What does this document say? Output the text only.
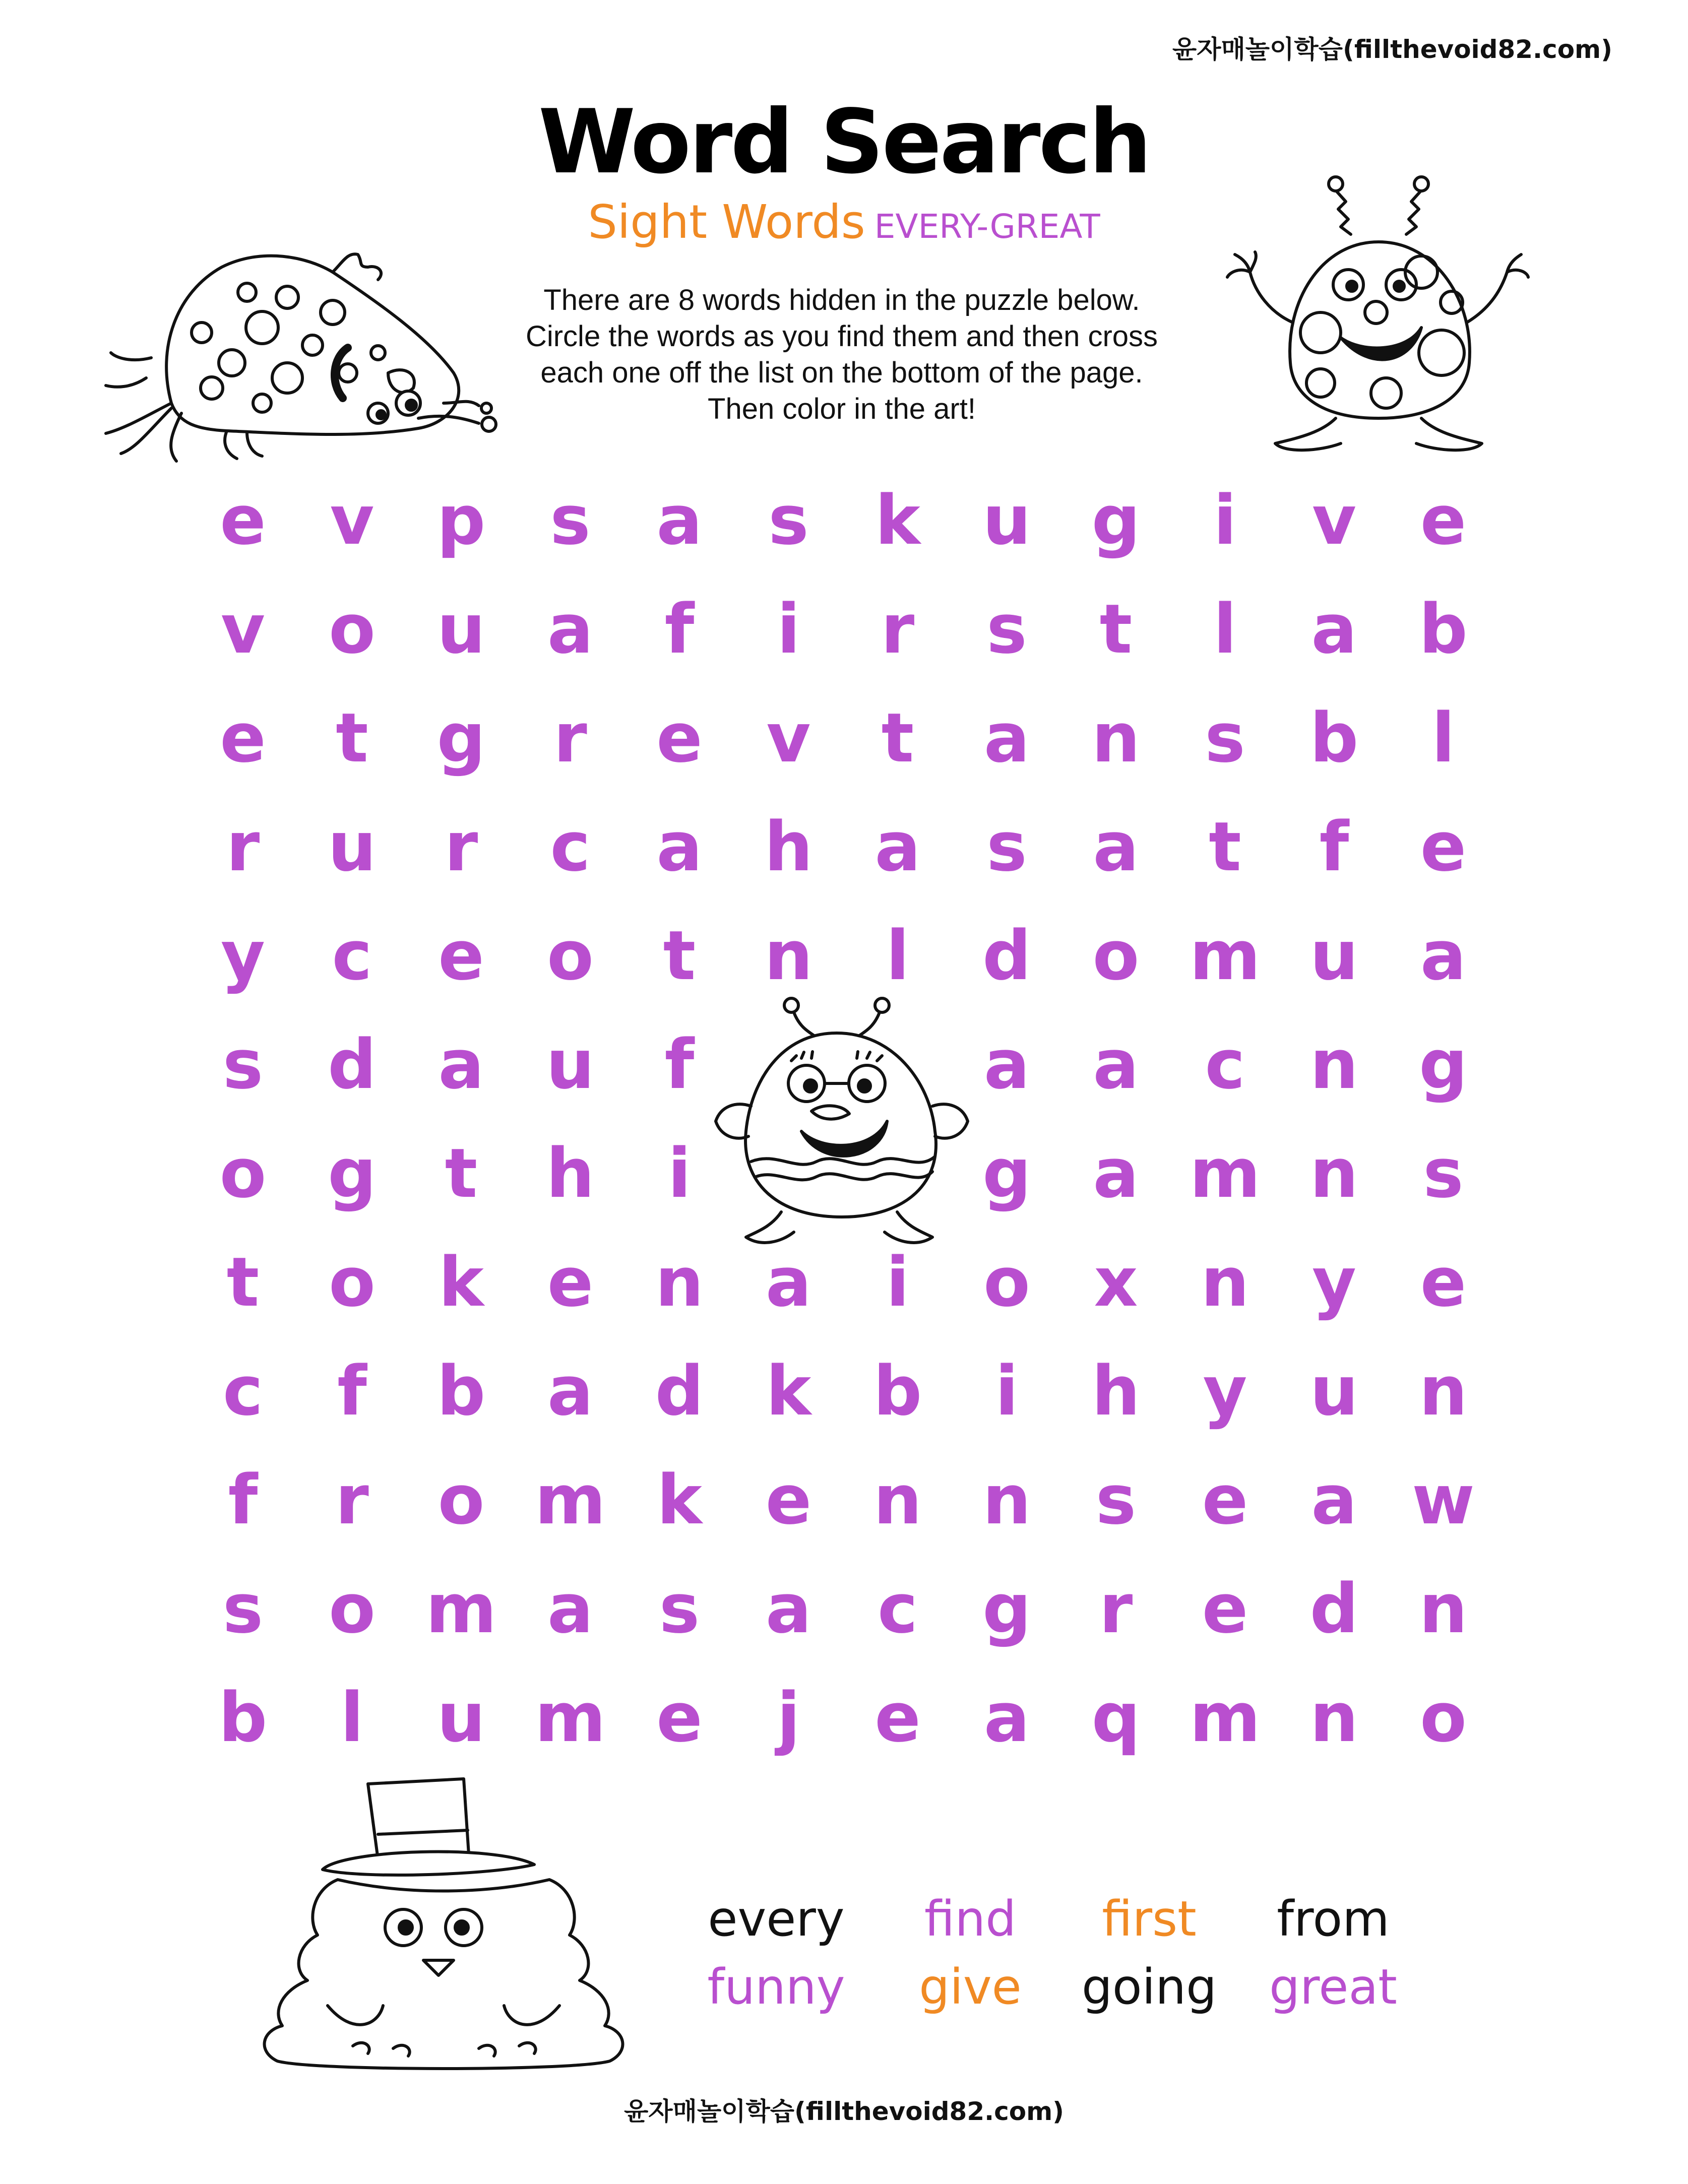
윤자매놀이학습(fillthevoid82.com)
Word Search
Sight Words EVERY-GREAT
There are 8 words hidden in the puzzle below.
Circle the words as you find them and then cross
each one off the list on the bottom of the page.
Then color in the art!
e v p s a s k u g	i	v e
v o u a	f	i	r	s	t	l	a b
e	t	g r	e v	t	a n s b	l
r	u	r	c a h a s a	t	f	e
y c e o	t	n	l	d o m u a
s d a u	f	a a c n g
o g	t	h	i	g a m n s
t	o k e n a	i	o x n y e
c	f	b a d k b	i	h y u n
f	r	o m k e n n s e a w
s o m a s a c g r	e d n
b	l	u m e	j	e a q m n o
every	find	first	from
funny	give	going	great
윤자매놀이학습(fillthevoid82.com)
